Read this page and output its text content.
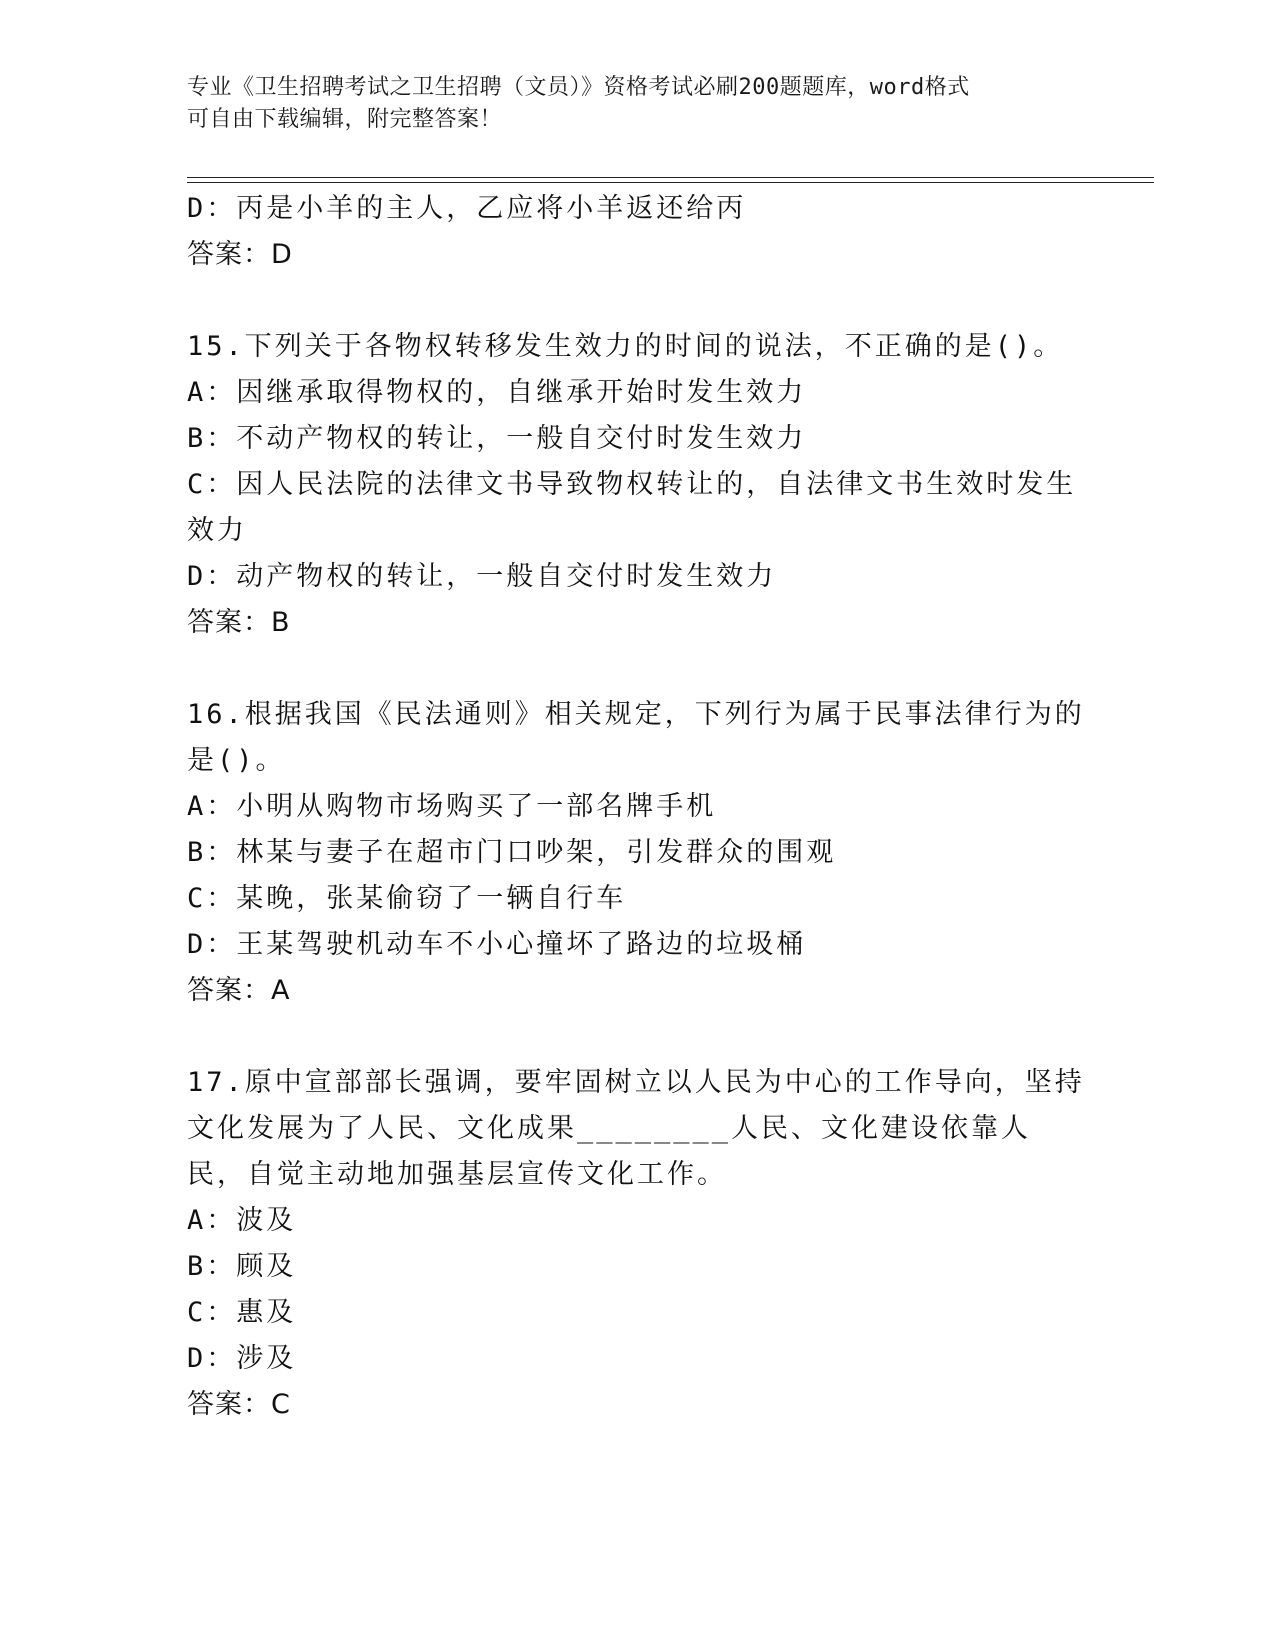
专业《卫生招聘考试之卫生招聘（文员）》资格考试必刷200题题库，word格式
可自由下载编辑，附完整答案！

D：丙是小羊的主人，乙应将小羊返还给丙

答案：D

15.下列关于各物权转移发生效力的时间的说法，不正确的是()。

A：因继承取得物权的，自继承开始时发生效力

B：不动产物权的转让，一般自交付时发生效力

C：因人民法院的法律文书导致物权转让的，自法律文书生效时发生效力

D：动产物权的转让，一般自交付时发生效力

答案：B

16.根据我国《民法通则》相关规定，下列行为属于民事法律行为的是()。

A：小明从购物市场购买了一部名牌手机

B：林某与妻子在超市门口吵架，引发群众的围观

C：某晚，张某偷窃了一辆自行车

D：王某驾驶机动车不小心撞坏了路边的垃圾桶

答案：A

17.原中宣部部长强调，要牢固树立以人民为中心的工作导向，坚持文化发展为了人民、文化成果________人民、文化建设依靠人民，自觉主动地加强基层宣传文化工作。

A：波及

B：顾及

C：惠及

D：涉及

答案：C
